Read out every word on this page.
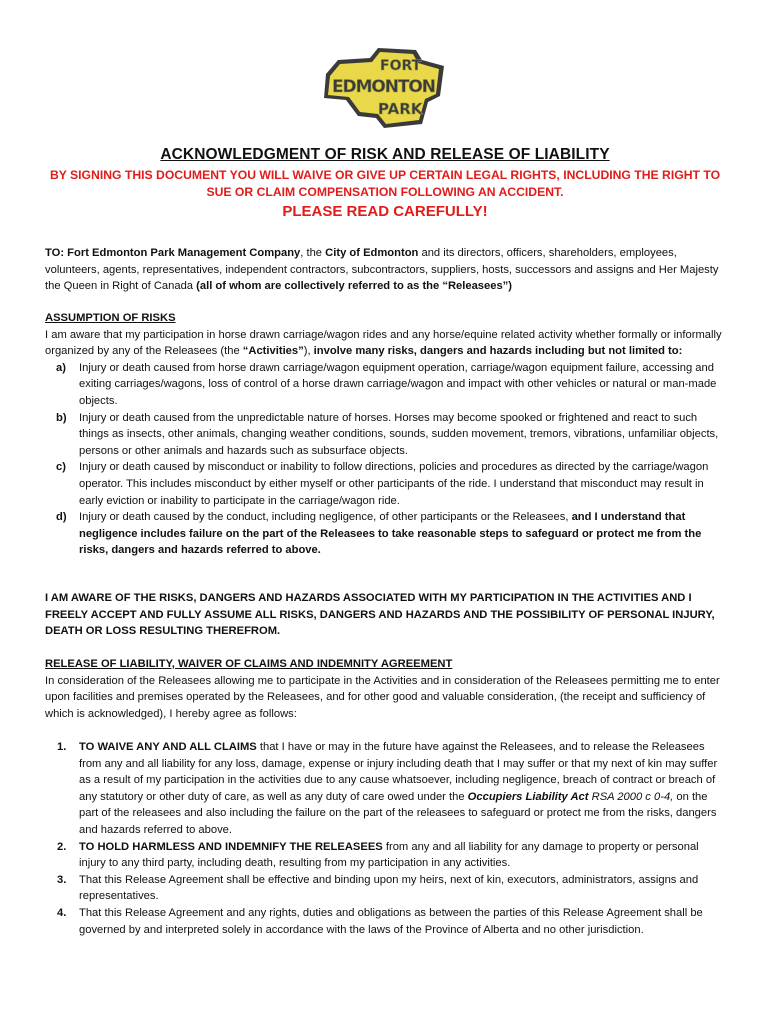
FORT
EDMONTON
PARK
ACKNOWLEDGMENT OF RISK AND RELEASE OF LIABILITY
BY SIGNING THIS DOCUMENT YOU WILL WAIVE OR GIVE UP CERTAIN LEGAL RIGHTS, INCLUDING THE RIGHT TO SUE OR CLAIM COMPENSATION FOLLOWING AN ACCIDENT.
PLEASE READ CAREFULLY!
TO: Fort Edmonton Park Management Company, the City of Edmonton and its directors, officers, shareholders, employees, volunteers, agents, representatives, independent contractors, subcontractors, suppliers, hosts, successors and assigns and Her Majesty the Queen in Right of Canada (all of whom are collectively referred to as the “Releasees”)
ASSUMPTION OF RISKS
I am aware that my participation in horse drawn carriage/wagon rides and any horse/equine related activity whether formally or informally organized by any of the Releasees (the “Activities”), involve many risks, dangers and hazards including but not limited to:
a) Injury or death caused from horse drawn carriage/wagon equipment operation, carriage/wagon equipment failure, accessing and exiting carriages/wagons, loss of control of a horse drawn carriage/wagon and impact with other vehicles or natural or man-made objects.
b) Injury or death caused from the unpredictable nature of horses. Horses may become spooked or frightened and react to such things as insects, other animals, changing weather conditions, sounds, sudden movement, tremors, vibrations, unfamiliar objects, persons or other animals and hazards such as subsurface objects.
c) Injury or death caused by misconduct or inability to follow directions, policies and procedures as directed by the carriage/wagon operator. This includes misconduct by either myself or other participants of the ride. I understand that misconduct may result in early eviction or inability to participate in the carriage/wagon ride.
d) Injury or death caused by the conduct, including negligence, of other participants or the Releasees, and I understand that negligence includes failure on the part of the Releasees to take reasonable steps to safeguard or protect me from the risks, dangers and hazards referred to above.
I AM AWARE OF THE RISKS, DANGERS AND HAZARDS ASSOCIATED WITH MY PARTICIPATION IN THE ACTIVITIES AND I FREELY ACCEPT AND FULLY ASSUME ALL RISKS, DANGERS AND HAZARDS AND THE POSSIBILITY OF PERSONAL INJURY, DEATH OR LOSS RESULTING THEREFROM.
RELEASE OF LIABILITY, WAIVER OF CLAIMS AND INDEMNITY AGREEMENT
In consideration of the Releasees allowing me to participate in the Activities and in consideration of the Releasees permitting me to enter upon facilities and premises operated by the Releasees, and for other good and valuable consideration, (the receipt and sufficiency of which is acknowledged), I hereby agree as follows:
1. TO WAIVE ANY AND ALL CLAIMS that I have or may in the future have against the Releasees, and to release the Releasees from any and all liability for any loss, damage, expense or injury including death that I may suffer or that my next of kin may suffer as a result of my participation in the activities due to any cause whatsoever, including negligence, breach of contract or breach of any statutory or other duty of care, as well as any duty of care owed under the Occupiers Liability Act RSA 2000 c 0-4, on the part of the releasees and also including the failure on the part of the releasees to safeguard or protect me from the risks, dangers and hazards referred to above.
2. TO HOLD HARMLESS AND INDEMNIFY THE RELEASEES from any and all liability for any damage to property or personal injury to any third party, including death, resulting from my participation in any activities.
3. That this Release Agreement shall be effective and binding upon my heirs, next of kin, executors, administrators, assigns and representatives.
4. That this Release Agreement and any rights, duties and obligations as between the parties of this Release Agreement shall be governed by and interpreted solely in accordance with the laws of the Province of Alberta and no other jurisdiction.
